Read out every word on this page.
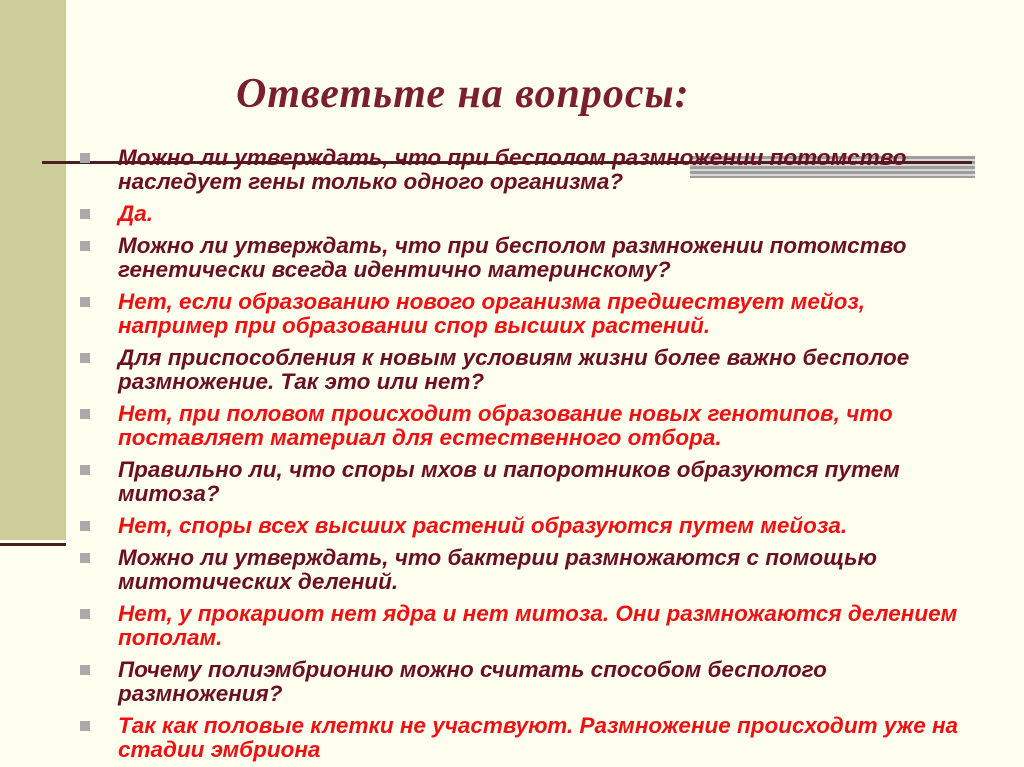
Ответьте на вопросы:
Можно ли утверждать, что при бесполом размножении потомство наследует гены только одного организма?
Да.
Можно ли утверждать, что при бесполом размножении потомство генетически всегда идентично материнскому?
Нет, если образованию нового организма предшествует мейоз, например при образовании спор высших растений.
Для приспособления к новым условиям жизни более важно бесполое размножение. Так это или нет?
Нет, при половом происходит образование новых генотипов, что поставляет материал для естественного отбора.
Правильно ли, что споры мхов и папоротников образуются путем митоза?
Нет, споры всех высших растений образуются путем мейоза.
Можно ли утверждать, что бактерии размножаются с помощью митотических делений.
Нет, у прокариот нет ядра и нет митоза. Они размножаются делением пополам.
Почему полиэмбрионию можно считать способом бесполого размножения?
Так как половые клетки не участвуют. Размножение происходит уже на стадии эмбриона
